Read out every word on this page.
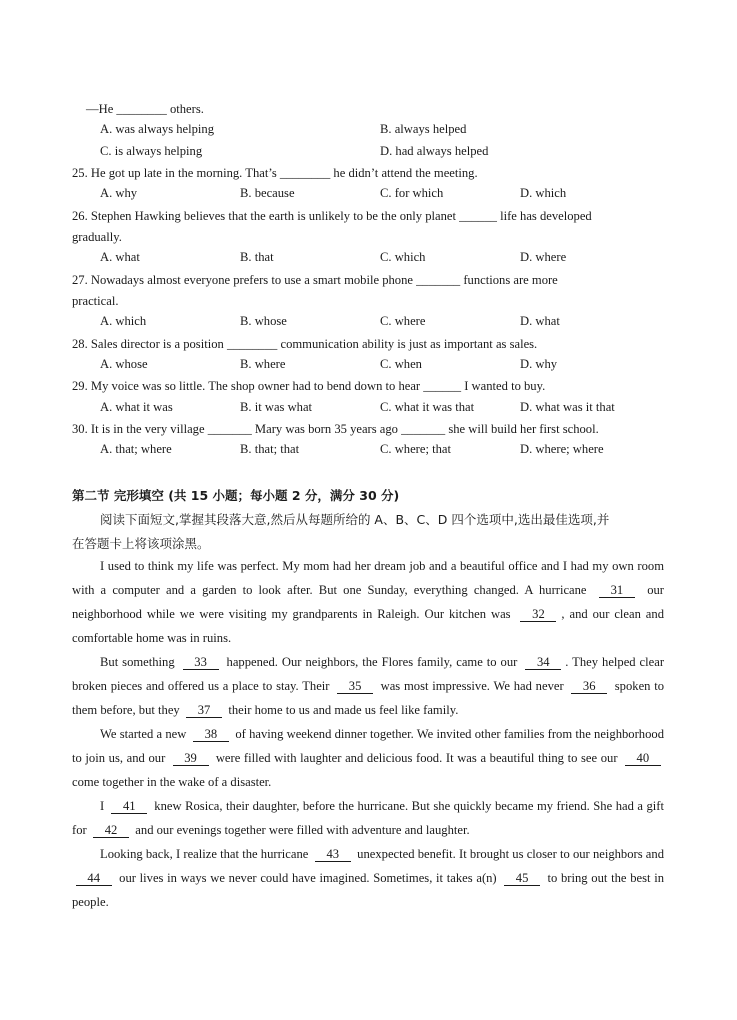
—He ________ others.
A. was always helping	B. always helped
C. is always helping	D. had always helped
25. He got up late in the morning. That’s ________ he didn’t attend the meeting.
A. why	B. because	C. for which	D. which
26. Stephen Hawking believes that the earth is unlikely to be the only planet ______ life has developed
gradually.
A. what	B. that	C. which	D. where
27. Nowadays almost everyone prefers to use a smart mobile phone _______ functions are more
practical.
A. which	B. whose	C. where	D. what
28. Sales director is a position ________ communication ability is just as important as sales.
A. whose	B. where	C. when	D. why
29. My voice was so little. The shop owner had to bend down to hear ______ I wanted to buy.
A. what it was	B. it was what	C. what it was that	D. what was it that
30. It is in the very village _______ Mary was born 35 years ago _______ she will build her first school.
A. that; where	B. that; that	C. where; that	D. where; where
第二节 完形填空 (共 15 小题；每小题 2 分，满分 30 分)
阅读下面短文,掌握其段落大意,然后从每题所给的 A、B、C、D 四个选项中,选出最佳选项,并
在答题卡上将该项涂黑。
I used to think my life was perfect. My mom had her dream job and a beautiful office and I had my own room with a computer and a garden to look after. But one Sunday, everything changed. A hurricane  31  our neighborhood while we were visiting my grandparents in Raleigh. Our kitchen was  32 , and our clean and comfortable home was in ruins.
But something  33  happened. Our neighbors, the Flores family, came to our  34 . They helped clear broken pieces and offered us a place to stay. Their  35  was most impressive. We had never  36  spoken to them before, but they  37  their home to us and made us feel like family.
We started a new  38  of having weekend dinner together. We invited other families from the neighborhood to join us, and our  39  were filled with laughter and delicious food. It was a beautiful thing to see our  40  come together in the wake of a disaster.
I  41  knew Rosica, their daughter, before the hurricane. But she quickly became my friend. She had a gift for  42  and our evenings together were filled with adventure and laughter.
Looking back, I realize that the hurricane  43  unexpected benefit. It brought us closer to our neighbors and  44  our lives in ways we never could have imagined. Sometimes, it takes a(n)  45  to bring out the best in people.
